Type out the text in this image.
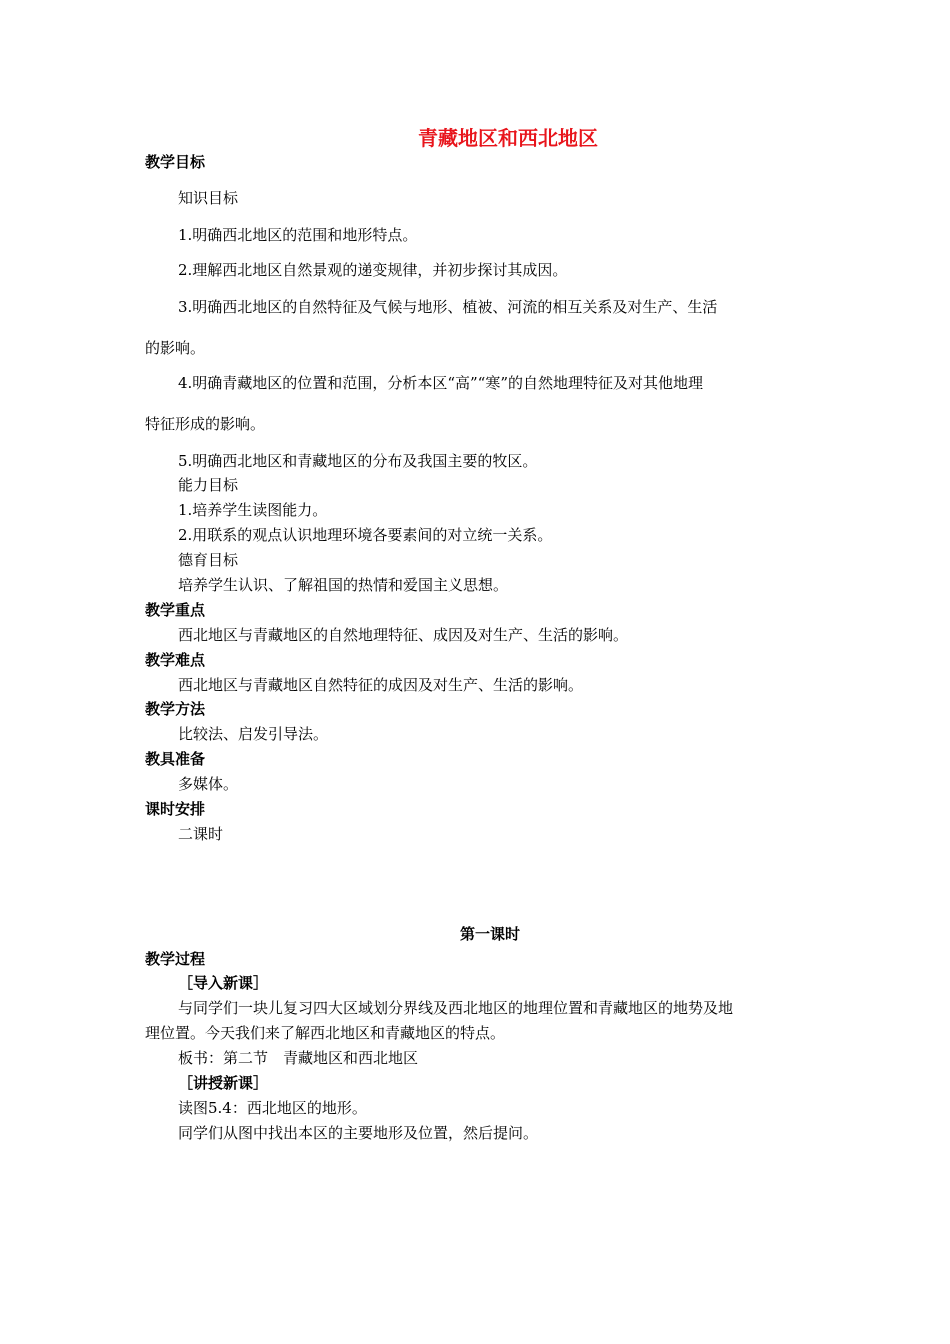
青藏地区和西北地区
教学目标
知识目标
1.明确西北地区的范围和地形特点。
2.理解西北地区自然景观的递变规律，并初步探讨其成因。
3.明确西北地区的自然特征及气候与地形、植被、河流的相互关系及对生产、生活
的影响。
4.明确青藏地区的位置和范围，分析本区“高”“寒”的自然地理特征及对其他地理
特征形成的影响。
5.明确西北地区和青藏地区的分布及我国主要的牧区。
能力目标
1.培养学生读图能力。
2.用联系的观点认识地理环境各要素间的对立统一关系。
德育目标
培养学生认识、了解祖国的热情和爱国主义思想。
教学重点
西北地区与青藏地区的自然地理特征、成因及对生产、生活的影响。
教学难点
西北地区与青藏地区自然特征的成因及对生产、生活的影响。
教学方法
比较法、启发引导法。
教具准备
多媒体。
课时安排
二课时
第一课时
教学过程
［导入新课］
与同学们一块儿复习四大区域划分界线及西北地区的地理位置和青藏地区的地势及地
理位置。今天我们来了解西北地区和青藏地区的特点。
板书：第二节　青藏地区和西北地区
［讲授新课］
读图5.4：西北地区的地形。
同学们从图中找出本区的主要地形及位置，然后提问。
